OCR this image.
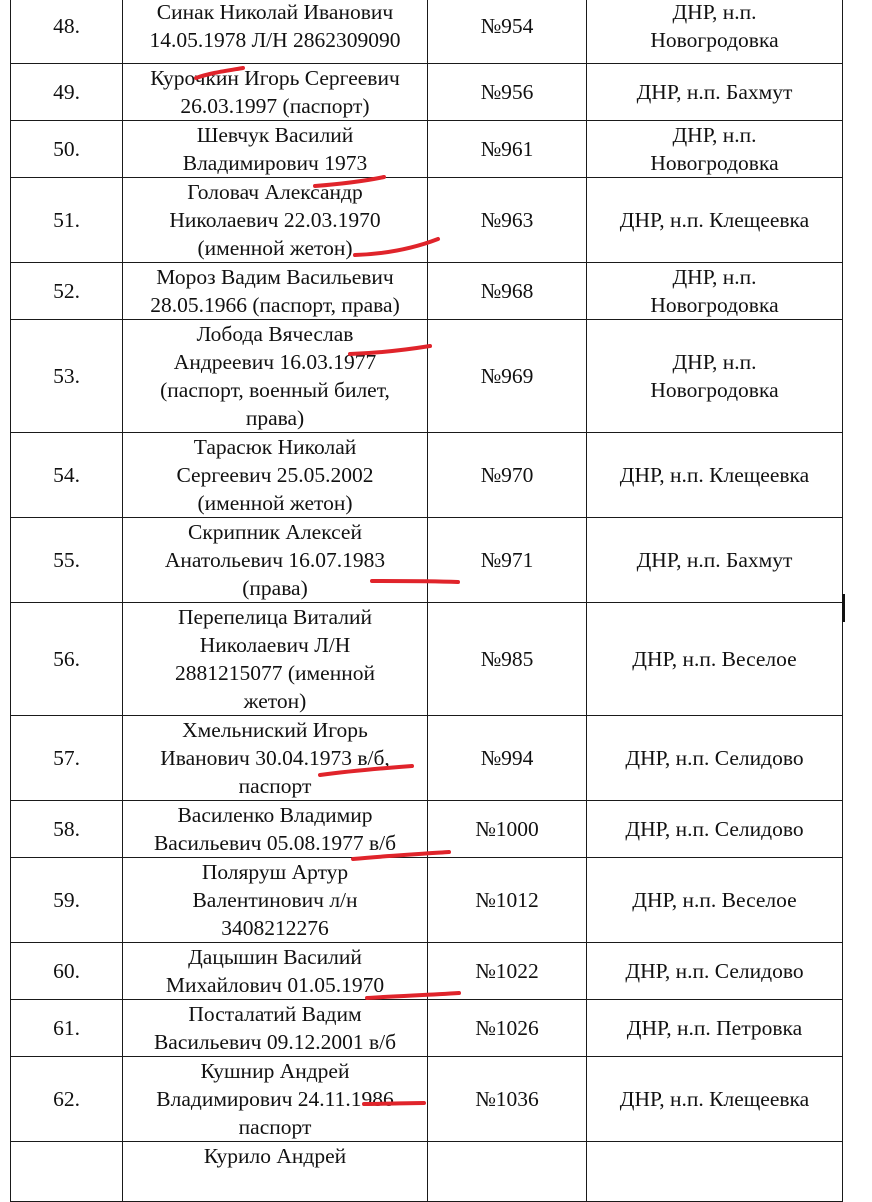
48.	Синак Николай Иванович
14.05.1978 Л/Н 2862309090	№954	ДНР, н.п.
Новогродовка
49.	Курочкин Игорь Сергеевич
26.03.1997 (паспорт)	№956	ДНР, н.п. Бахмут
50.	Шевчук Василий
Владимирович 1973	№961	ДНР, н.п.
Новогродовка
51.	Головач Александр
Николаевич 22.03.1970
(именной жетон)	№963	ДНР, н.п. Клещеевка
52.	Мороз Вадим Васильевич
28.05.1966 (паспорт, права)	№968	ДНР, н.п.
Новогродовка
53.	Лобода Вячеслав
Андреевич 16.03.1977
(паспорт, военный билет,
права)	№969	ДНР, н.п.
Новогродовка
54.	Тарасюк Николай
Сергеевич 25.05.2002
(именной жетон)	№970	ДНР, н.п. Клещеевка
55.	Скрипник Алексей
Анатольевич 16.07.1983
(права)	№971	ДНР, н.п. Бахмут
56.	Перепелица Виталий
Николаевич Л/Н
2881215077 (именной
жетон)	№985	ДНР, н.п. Веселое
57.	Хмельниский Игорь
Иванович 30.04.1973 в/б,
паспорт	№994	ДНР, н.п. Селидово
58.	Василенко Владимир
Васильевич 05.08.1977 в/б	№1000	ДНР, н.п. Селидово
59.	Поляруш Артур
Валентинович л/н
3408212276	№1012	ДНР, н.п. Веселое
60.	Дацышин Василий
Михайлович 01.05.1970	№1022	ДНР, н.п. Селидово
61.	Посталатий Вадим
Васильевич 09.12.2001 в/б	№1026	ДНР, н.п. Петровка
62.	Кушнир Андрей
Владимирович 24.11.1986
паспорт	№1036	ДНР, н.п. Клещеевка
	Курило Андрей		
